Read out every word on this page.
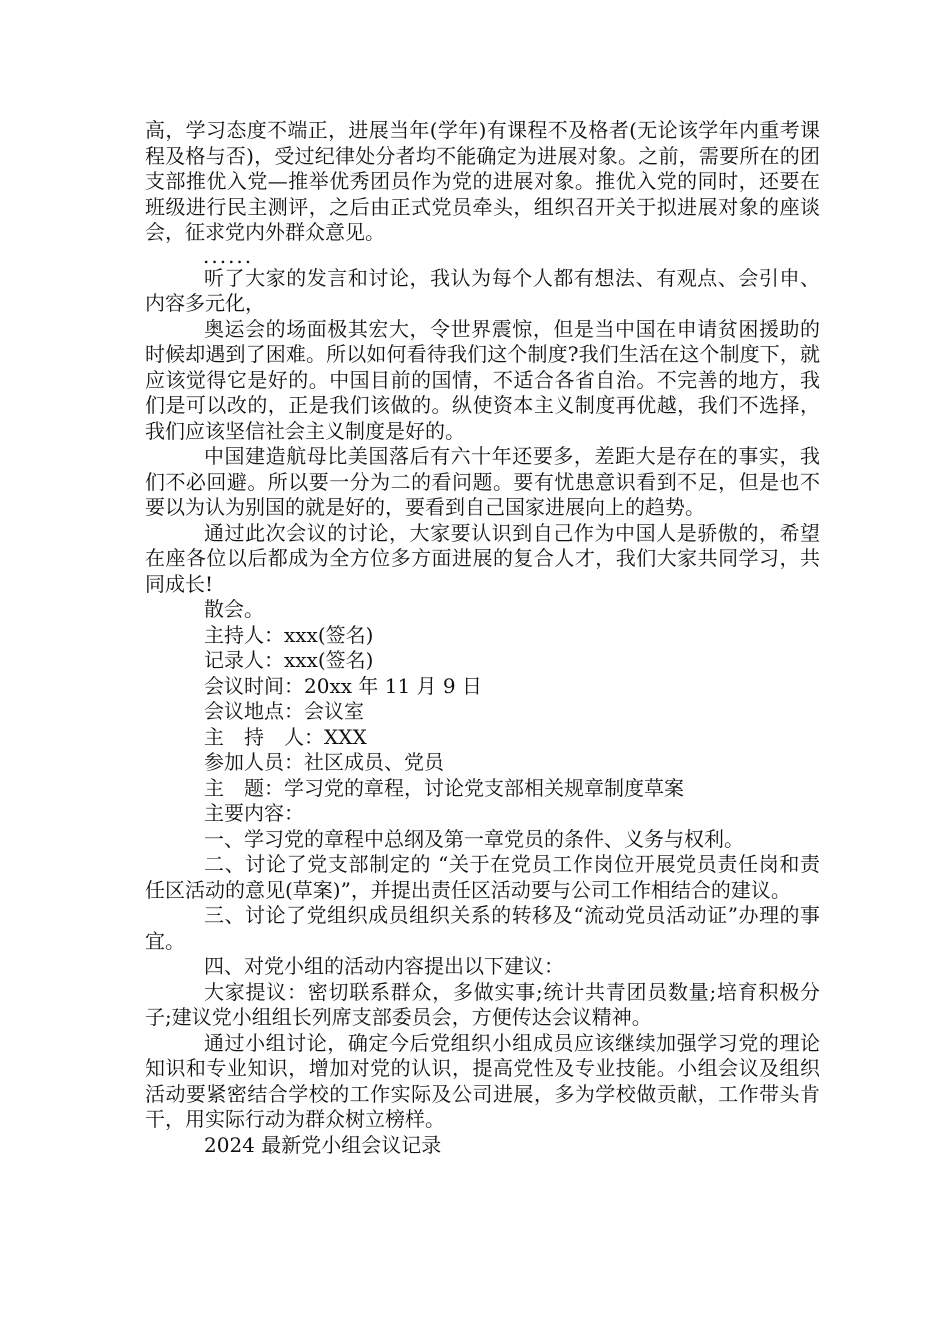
高，学习态度不端正，进展当年(学年)有课程不及格者(无论该学年内重考课程及格与否)，受过纪律处分者均不能确定为进展对象。之前，需要所在的团支部推优入党—推举优秀团员作为党的进展对象。推优入党的同时，还要在班级进行民主测评，之后由正式党员牵头，组织召开关于拟进展对象的座谈会，征求党内外群众意见。

......

听了大家的发言和讨论，我认为每个人都有想法、有观点、会引申、内容多元化，

奥运会的场面极其宏大，令世界震惊，但是当中国在申请贫困援助的时候却遇到了困难。所以如何看待我们这个制度?我们生活在这个制度下，就应该觉得它是好的。中国目前的国情，不适合各省自治。不完善的地方，我们是可以改的，正是我们该做的。纵使资本主义制度再优越，我们不选择，我们应该坚信社会主义制度是好的。

中国建造航母比美国落后有六十年还要多，差距大是存在的事实，我们不必回避。所以要一分为二的看问题。要有忧患意识看到不足，但是也不要以为认为别国的就是好的，要看到自己国家进展向上的趋势。

通过此次会议的讨论，大家要认识到自己作为中国人是骄傲的，希望在座各位以后都成为全方位多方面进展的复合人才，我们大家共同学习，共同成长!

散会。

主持人：xxx(签名)

记录人：xxx(签名)

会议时间：20xx 年 11 月 9 日

会议地点：会议室

主　持　人：XXX

参加人员：社区成员、党员

主　题：学习党的章程，讨论党支部相关规章制度草案

主要内容：

一、学习党的章程中总纲及第一章党员的条件、义务与权利。

二、讨论了党支部制定的 “关于在党员工作岗位开展党员责任岗和责任区活动的意见(草案)”，并提出责任区活动要与公司工作相结合的建议。

三、讨论了党组织成员组织关系的转移及“流动党员活动证”办理的事宜。

四、对党小组的活动内容提出以下建议：

大家提议：密切联系群众，多做实事;统计共青团员数量;培育积极分子;建议党小组组长列席支部委员会，方便传达会议精神。

通过小组讨论，确定今后党组织小组成员应该继续加强学习党的理论知识和专业知识，增加对党的认识，提高党性及专业技能。小组会议及组织活动要紧密结合学校的工作实际及公司进展，多为学校做贡献，工作带头肯干，用实际行动为群众树立榜样。

2024 最新党小组会议记录
